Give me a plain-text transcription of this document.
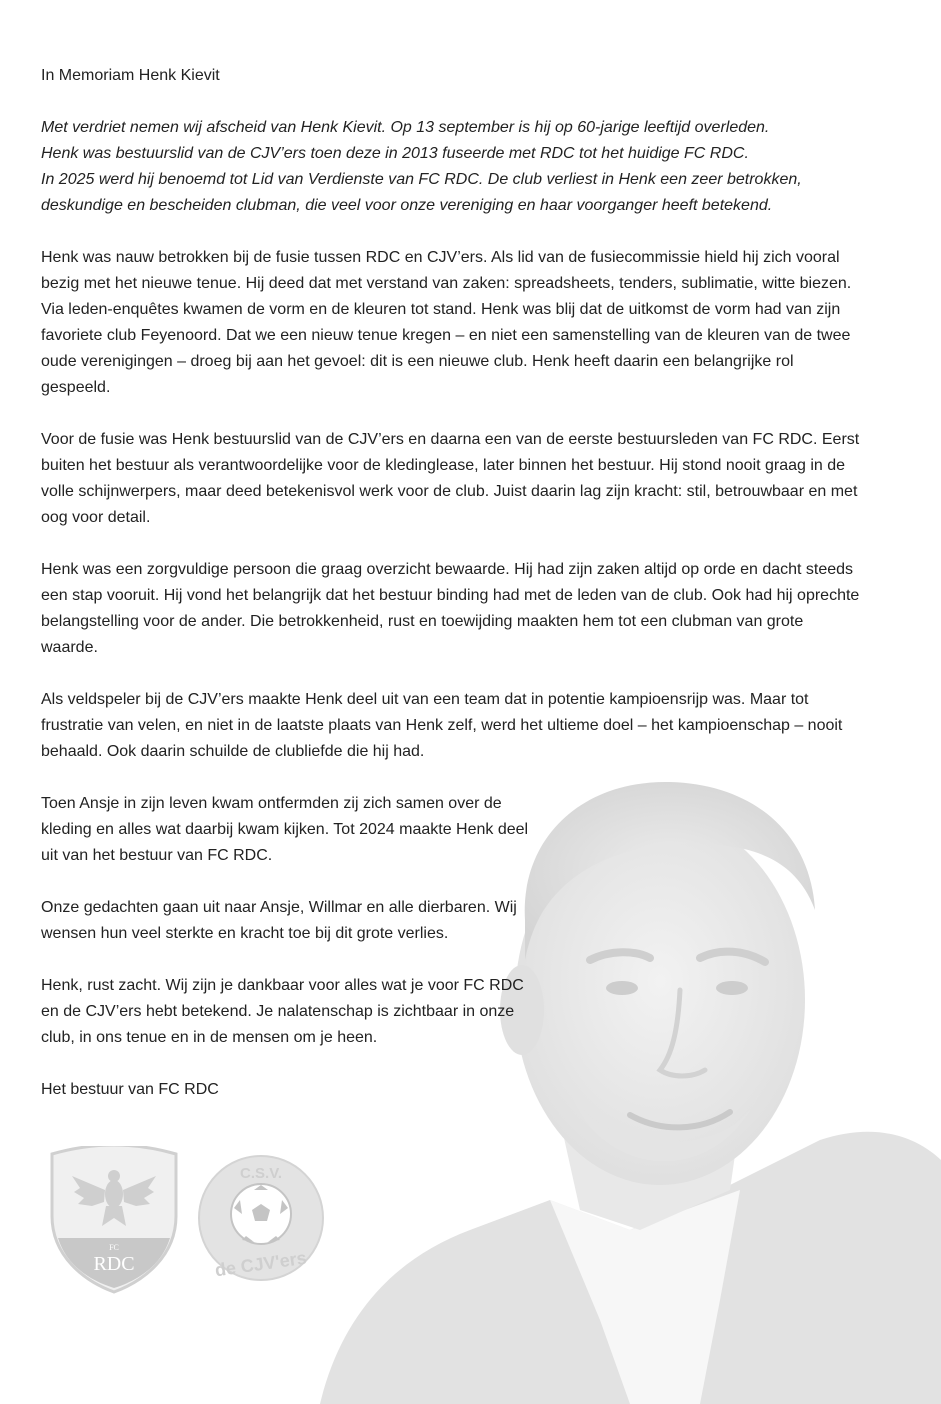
In Memoriam Henk Kievit
Met verdriet nemen wij afscheid van Henk Kievit. Op 13 september is hij op 60-jarige leeftijd overleden.
Henk was bestuurslid van de CJV’ers toen deze in 2013 fuseerde met RDC tot het huidige FC RDC.
In 2025 werd hij benoemd tot Lid van Verdienste van FC RDC. De club verliest in Henk een zeer betrokken,
deskundige en bescheiden clubman, die veel voor onze vereniging en haar voorganger heeft betekend.

Henk was nauw betrokken bij de fusie tussen RDC en CJV’ers. Als lid van de fusiecommissie hield hij zich vooral bezig met het nieuwe tenue. Hij deed dat met verstand van zaken: spreadsheets, tenders, sublimatie, witte biezen. Via leden-enquêtes kwamen de vorm en de kleuren tot stand. Henk was blij dat de uitkomst de vorm had van zijn favoriete club Feyenoord. Dat we een nieuw tenue kregen – en niet een samenstelling van de kleuren van de twee oude verenigingen – droeg bij aan het gevoel: dit is een nieuwe club. Henk heeft daarin een belangrijke rol gespeeld.

Voor de fusie was Henk bestuurslid van de CJV’ers en daarna een van de eerste bestuursleden van FC RDC. Eerst buiten het bestuur als verantwoordelijke voor de kledinglease, later binnen het bestuur. Hij stond nooit graag in de volle schijnwerpers, maar deed betekenisvol werk voor de club. Juist daarin lag zijn kracht: stil, betrouwbaar en met oog voor detail.

Henk was een zorgvuldige persoon die graag overzicht bewaarde. Hij had zijn zaken altijd op orde en dacht steeds een stap vooruit. Hij vond het belangrijk dat het bestuur binding had met de leden van de club. Ook had hij oprechte belangstelling voor de ander. Die betrokkenheid, rust en toewijding maakten hem tot een clubman van grote waarde.

Als veldspeler bij de CJV’ers maakte Henk deel uit van een team dat in potentie kampioensrijp was. Maar tot frustratie van velen, en niet in de laatste plaats van Henk zelf, werd het ultieme doel – het kampioenschap – nooit behaald. Ook daarin schuilde de clubliefde die hij had.

Toen Ansje in zijn leven kwam ontfermden zij zich samen over de kleding en alles wat daarbij kwam kijken. Tot 2024 maakte Henk deel uit van het bestuur van FC RDC.

Onze gedachten gaan uit naar Ansje, Willmar en alle dierbaren. Wij wensen hun veel sterkte en kracht toe bij dit grote verlies.

Henk, rust zacht. Wij zijn je dankbaar voor alles wat je voor FC RDC en de CJV’ers hebt betekend. Je nalatenschap is zichtbaar in onze club, in ons tenue en in de mensen om je heen.

Het bestuur van FC RDC

FC
RDC
C.S.V.
de CJV'ers
